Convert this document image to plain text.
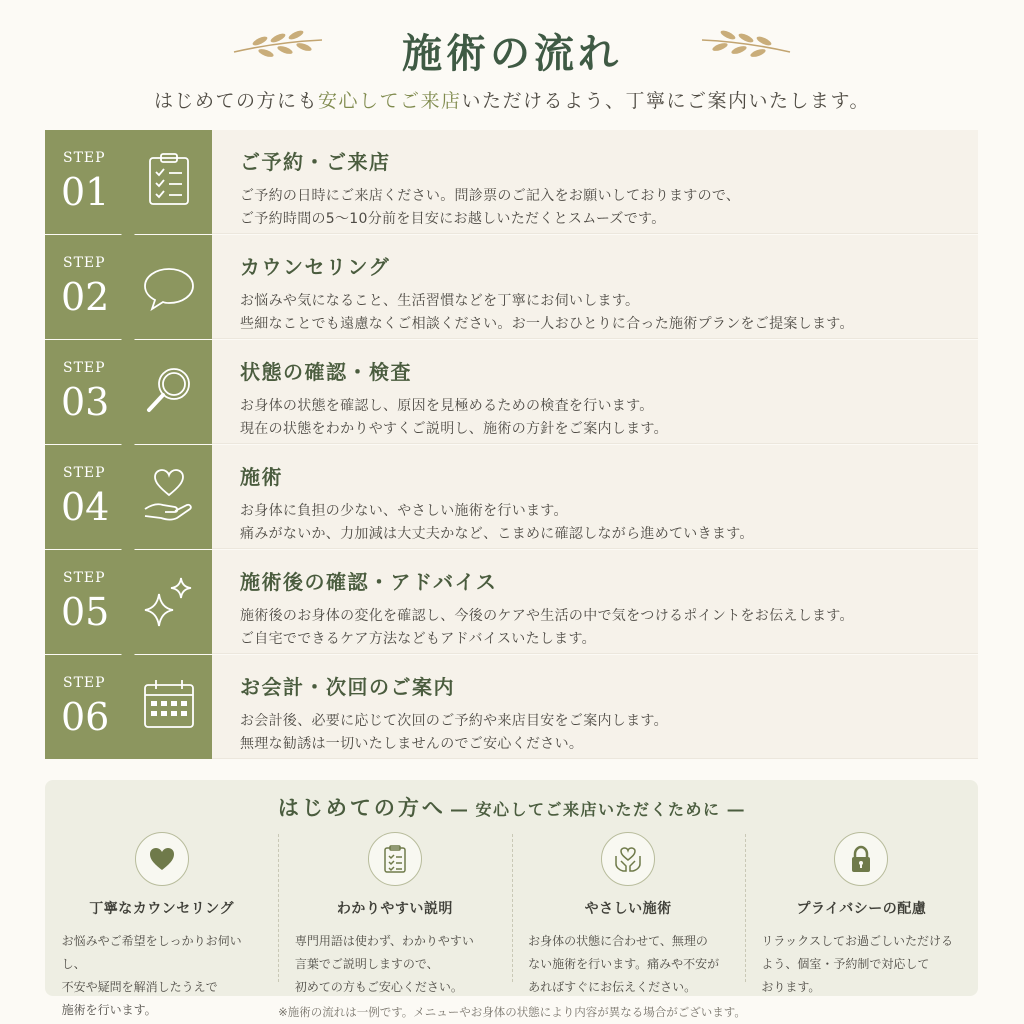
施術の流れ
はじめての方にも安心してご来店いただけるよう、丁寧にご案内いたします。
STEP
01
ご予約・ご来店
ご予約の日時にご来店ください。問診票のご記入をお願いしておりますので、
ご予約時間の5～10分前を目安にお越しいただくとスムーズです。
STEP
02
カウンセリング
お悩みや気になること、生活習慣などを丁寧にお伺いします。
些細なことでも遠慮なくご相談ください。お一人おひとりに合った施術プランをご提案します。
STEP
03
状態の確認・検査
お身体の状態を確認し、原因を見極めるための検査を行います。
現在の状態をわかりやすくご説明し、施術の方針をご案内します。
STEP
04
施術
お身体に負担の少ない、やさしい施術を行います。
痛みがないか、力加減は大丈夫かなど、こまめに確認しながら進めていきます。
STEP
05
施術後の確認・アドバイス
施術後のお身体の変化を確認し、今後のケアや生活の中で気をつけるポイントをお伝えします。
ご自宅でできるケア方法などもアドバイスいたします。
STEP
06
お会計・次回のご案内
お会計後、必要に応じて次回のご予約や来店目安をご案内します。
無理な勧誘は一切いたしませんのでご安心ください。
はじめての方へ ― 安心してご来店いただくために ―
丁寧なカウンセリング
お悩みやご希望をしっかりお伺いし、
不安や疑問を解消したうえで
施術を行います。
わかりやすい説明
専門用語は使わず、わかりやすい
言葉でご説明しますので、
初めての方もご安心ください。
やさしい施術
お身体の状態に合わせて、無理の
ない施術を行います。痛みや不安が
あればすぐにお伝えください。
プライバシーの配慮
リラックスしてお過ごしいただける
よう、個室・予約制で対応して
おります。
※施術の流れは一例です。メニューやお身体の状態により内容が異なる場合がございます。
